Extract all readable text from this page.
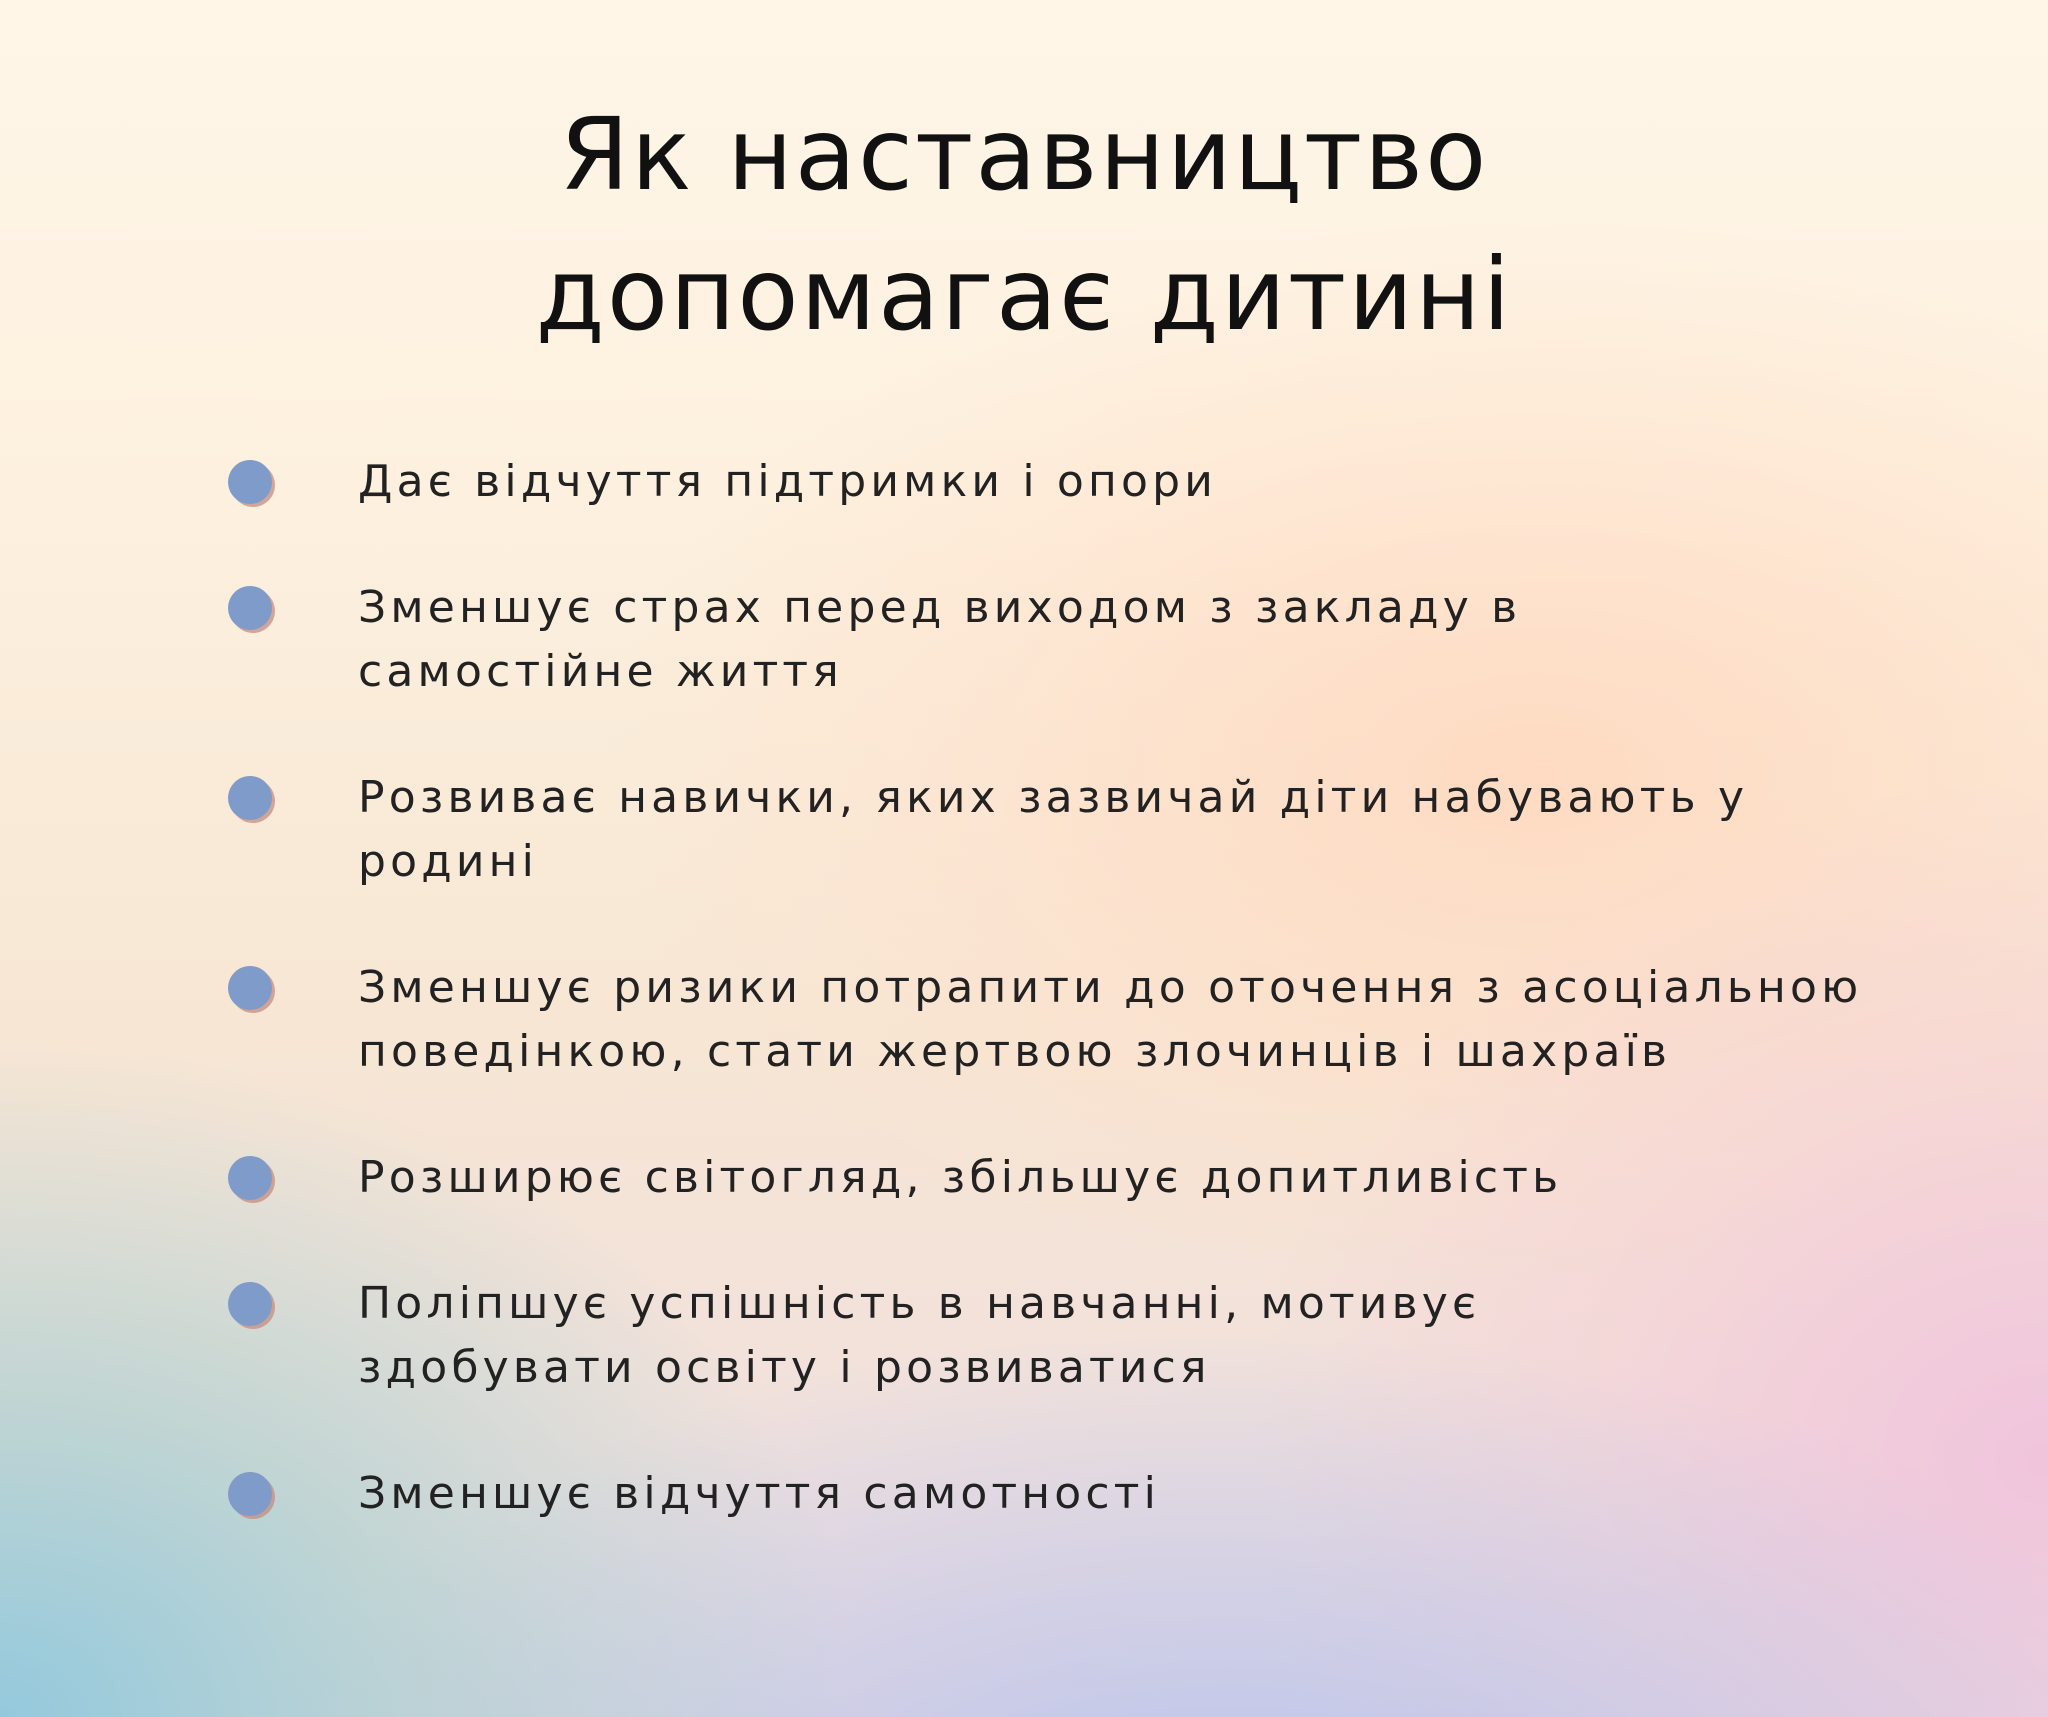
Як наставництво
допомагає дитині
Дає відчуття підтримки і опори
Зменшує страх перед виходом з закладу в самостійне життя
Розвиває навички, яких зазвичай діти набувають у родині
Зменшує ризики потрапити до оточення з асоціальною поведінкою, стати жертвою злочинців і шахраїв
Розширює світогляд, збільшує допитливість
Поліпшує успішність в навчанні, мотивує здобувати освіту і розвиватися
Зменшує відчуття самотності
